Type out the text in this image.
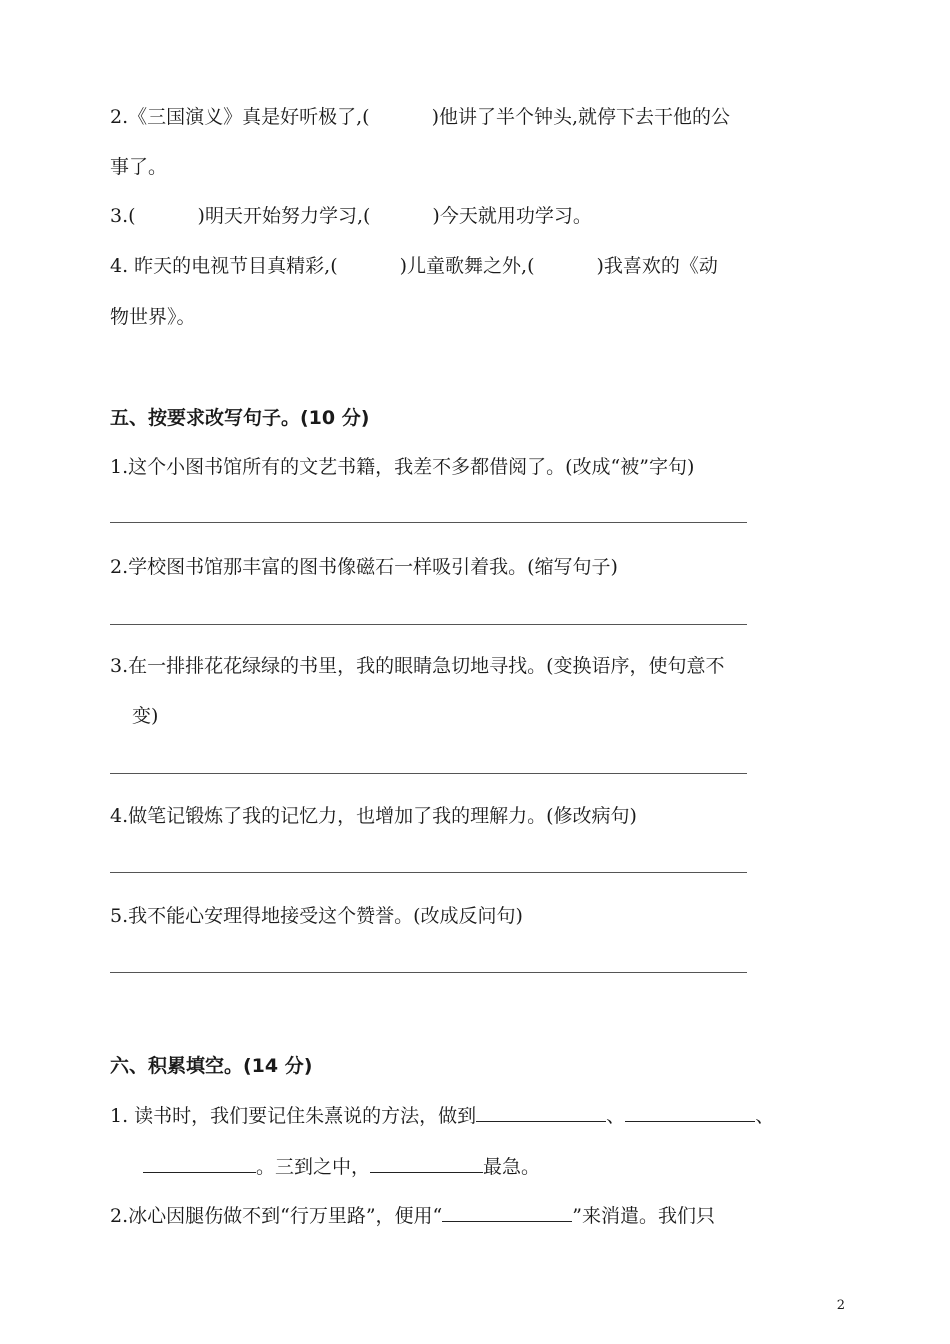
2.《三国演义》真是好听极了,(	)他讲了半个钟头,就停下去干他的公
事了。
3.(	)明天开始努力学习,(	)今天就用功学习。
4. 昨天的电视节目真精彩,(	)儿童歌舞之外,(	)我喜欢的《动
物世界》。
五、按要求改写句子。(10 分)
1.这个小图书馆所有的文艺书籍，我差不多都借阅了。(改成“被”字句)
2.学校图书馆那丰富的图书像磁石一样吸引着我。(缩写句子)
3.在一排排花花绿绿的书里，我的眼睛急切地寻找。(变换语序，使句意不
变)
4.做笔记锻炼了我的记忆力，也增加了我的理解力。(修改病句)
5.我不能心安理得地接受这个赞誉。(改成反问句)
六、积累填空。(14 分)
1. 读书时，我们要记住朱熹说的方法，做到	、	、
。三到之中，	最急。
2.冰心因腿伤做不到“行万里路”，便用“	”来消遣。我们只
2
